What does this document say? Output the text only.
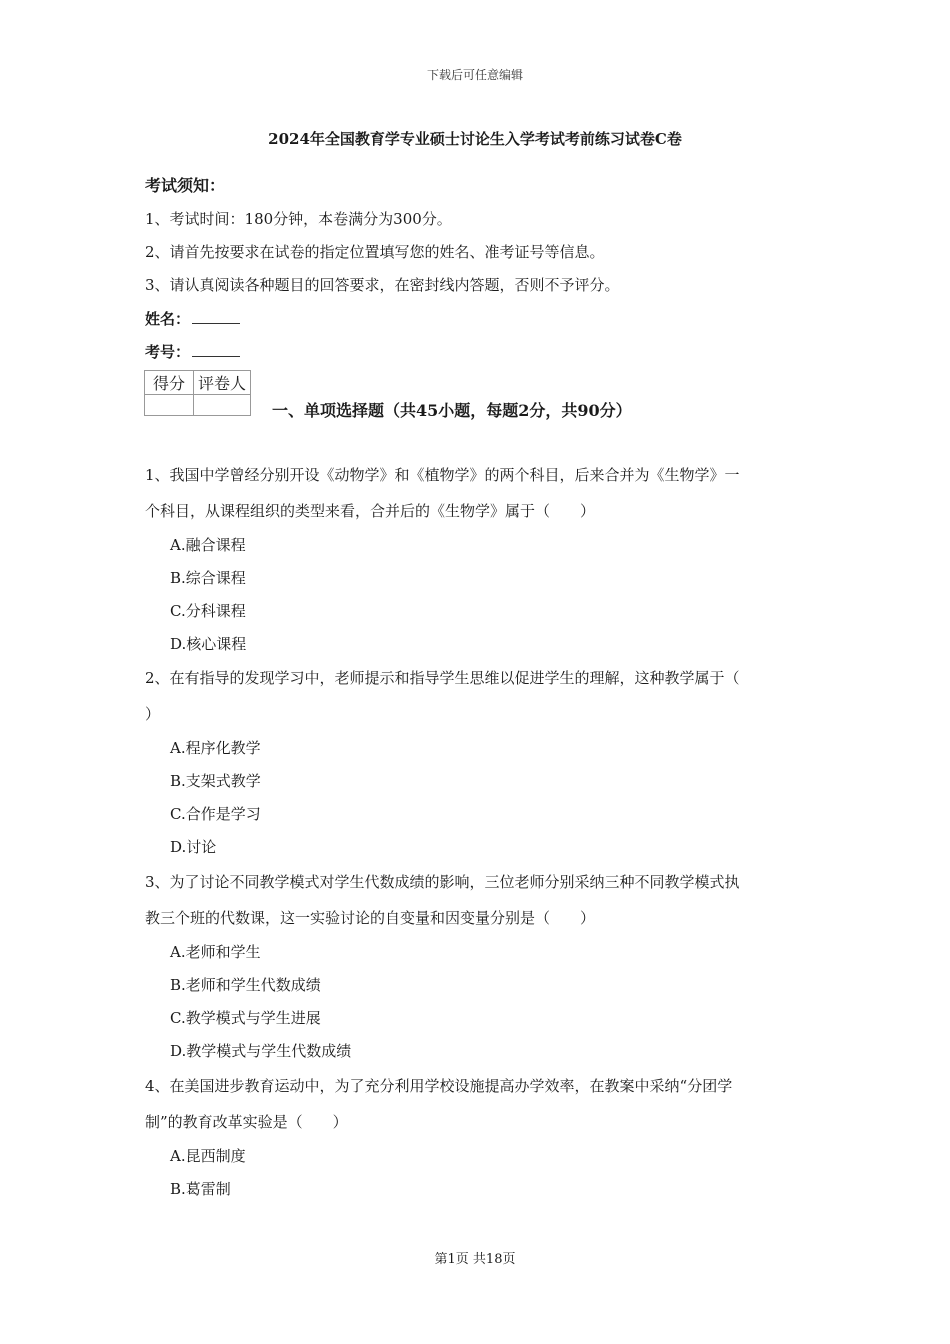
下载后可任意编辑
2024年全国教育学专业硕士讨论生入学考试考前练习试卷C卷
考试须知：
1、考试时间：180分钟，本卷满分为300分。
2、请首先按要求在试卷的指定位置填写您的姓名、准考证号等信息。
3、请认真阅读各种题目的回答要求，在密封线内答题，否则不予评分。
姓名：
考号：
得分	评卷人

一、单项选择题（共45小题，每题2分，共90分）
1、我国中学曾经分别开设《动物学》和《植物学》的两个科目，后来合并为《生物学》一
个科目，从课程组织的类型来看，合并后的《生物学》属于（　　）
A.融合课程
B.综合课程
C.分科课程
D.核心课程
2、在有指导的发现学习中，老师提示和指导学生思维以促进学生的理解，这种教学属于（
）
A.程序化教学
B.支架式教学
C.合作是学习
D.讨论
3、为了讨论不同教学模式对学生代数成绩的影响，三位老师分别采纳三种不同教学模式执
教三个班的代数课，这一实验讨论的自变量和因变量分别是（　　）
A.老师和学生
B.老师和学生代数成绩
C.教学模式与学生进展
D.教学模式与学生代数成绩
4、在美国进步教育运动中，为了充分利用学校设施提高办学效率，在教案中采纳“分团学
制”的教育改革实验是（　　）
A.昆西制度
B.葛雷制
第1页 共18页
